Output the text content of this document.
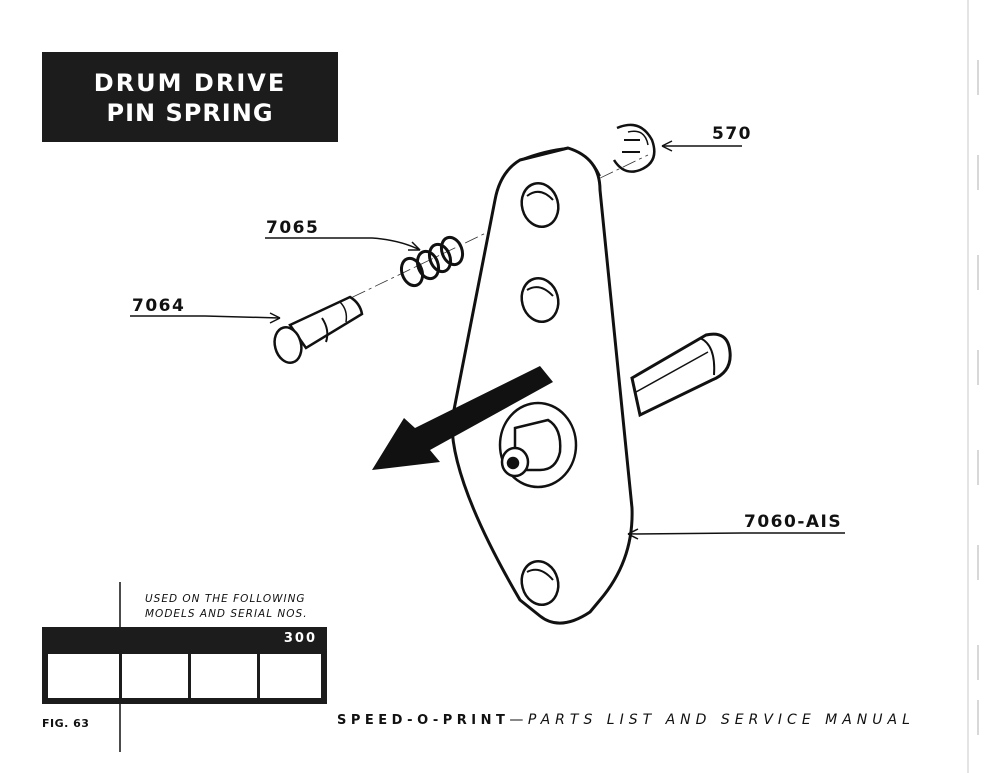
DRUM DRIVE
PIN SPRING
570
7065
7064
7060-AIS
USED ON THE FOLLOWING
MODELS AND SERIAL NOS.
300
FIG. 63	SPEED-O-PRINT— PARTS LIST AND SERVICE MANUAL
